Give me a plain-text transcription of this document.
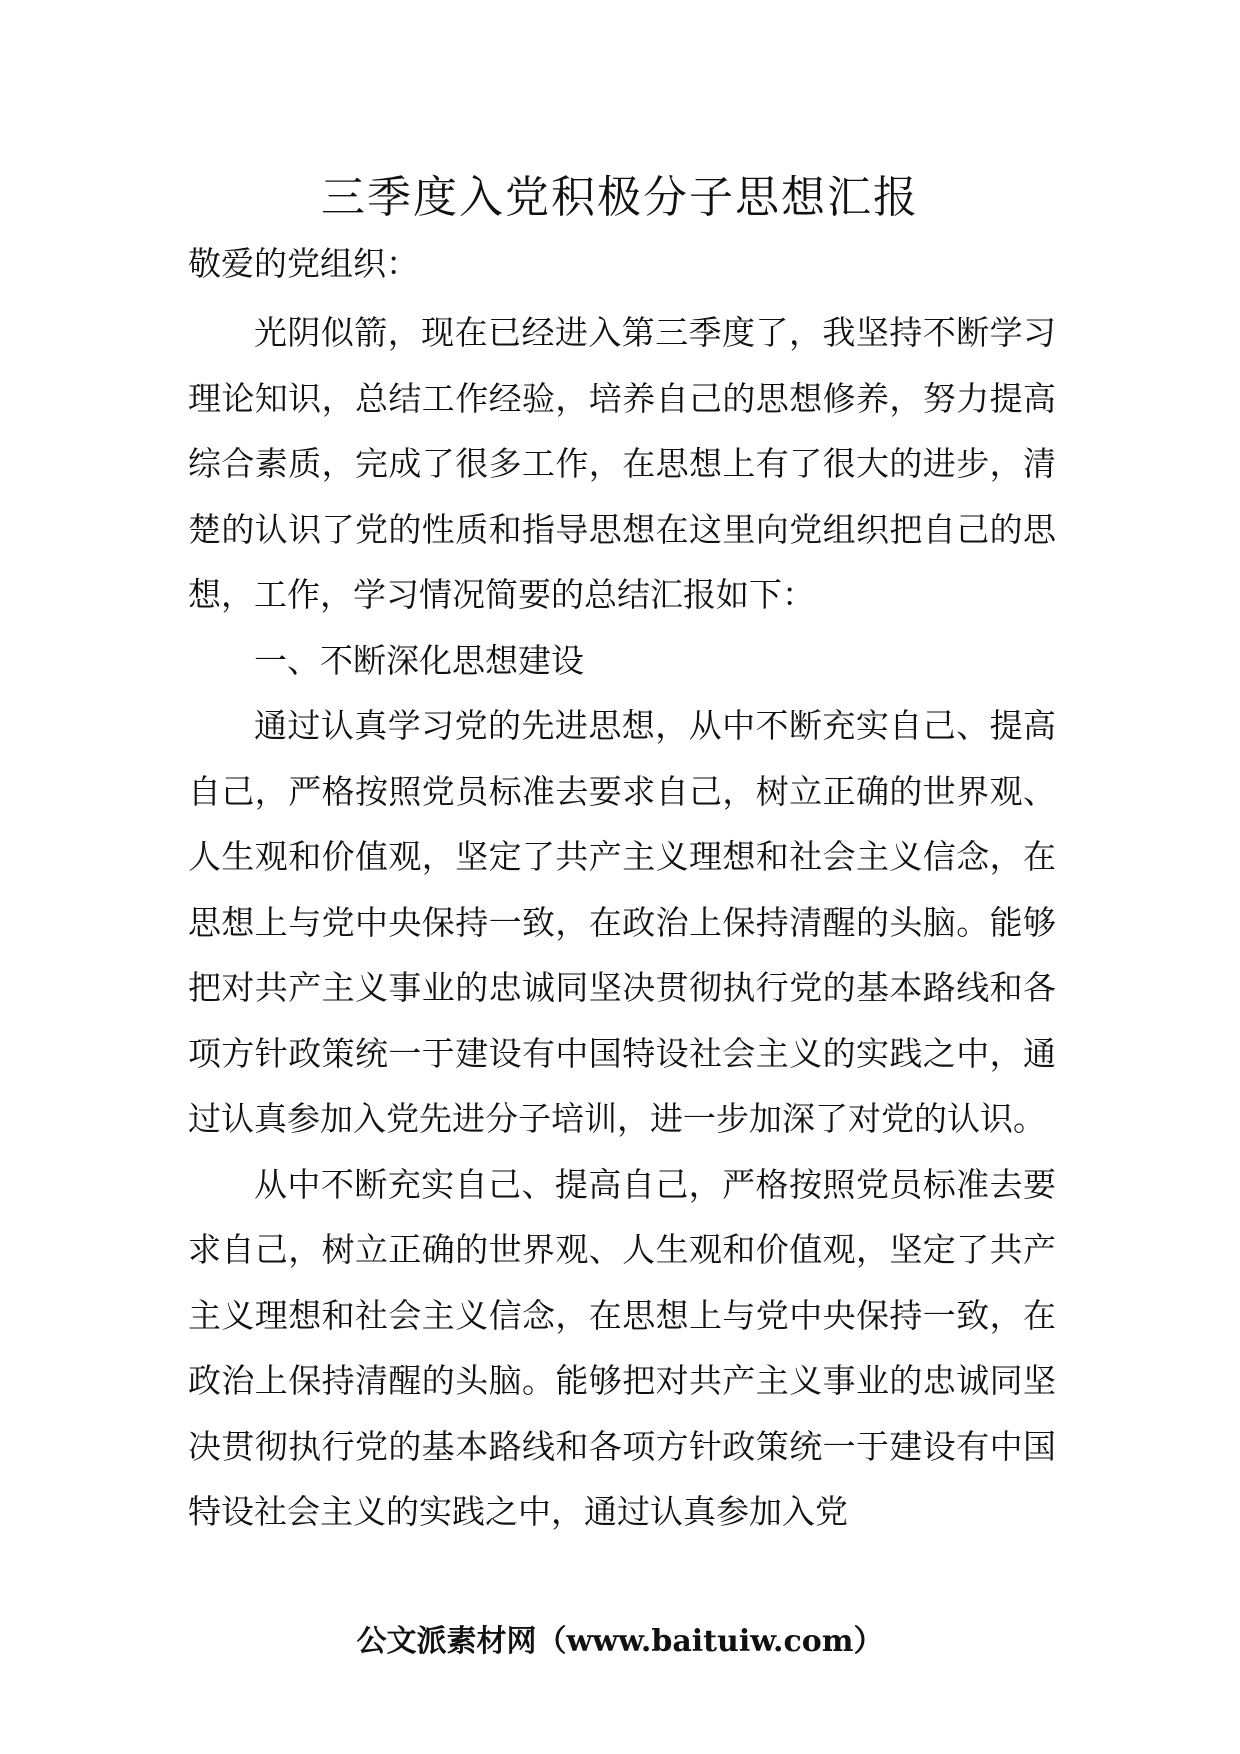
三季度入党积极分子思想汇报

敬爱的党组织：

光阴似箭，现在已经进入第三季度了，我坚持不断学习理论知识，总结工作经验，培养自己的思想修养，努力提高综合素质，完成了很多工作，在思想上有了很大的进步，清楚的认识了党的性质和指导思想在这里向党组织把自己的思想，工作，学习情况简要的总结汇报如下：

一、不断深化思想建设

通过认真学习党的先进思想，从中不断充实自己、提高自己，严格按照党员标准去要求自己，树立正确的世界观、人生观和价值观，坚定了共产主义理想和社会主义信念，在思想上与党中央保持一致，在政治上保持清醒的头脑。能够把对共产主义事业的忠诚同坚决贯彻执行党的基本路线和各项方针政策统一于建设有中国特设社会主义的实践之中，通过认真参加入党先进分子培训，进一步加深了对党的认识。

从中不断充实自己、提高自己，严格按照党员标准去要求自己，树立正确的世界观、人生观和价值观，坚定了共产主义理想和社会主义信念，在思想上与党中央保持一致，在政治上保持清醒的头脑。能够把对共产主义事业的忠诚同坚决贯彻执行党的基本路线和各项方针政策统一于建设有中国特设社会主义的实践之中，通过认真参加入党

公文派素材网（www.baituiw.com）
